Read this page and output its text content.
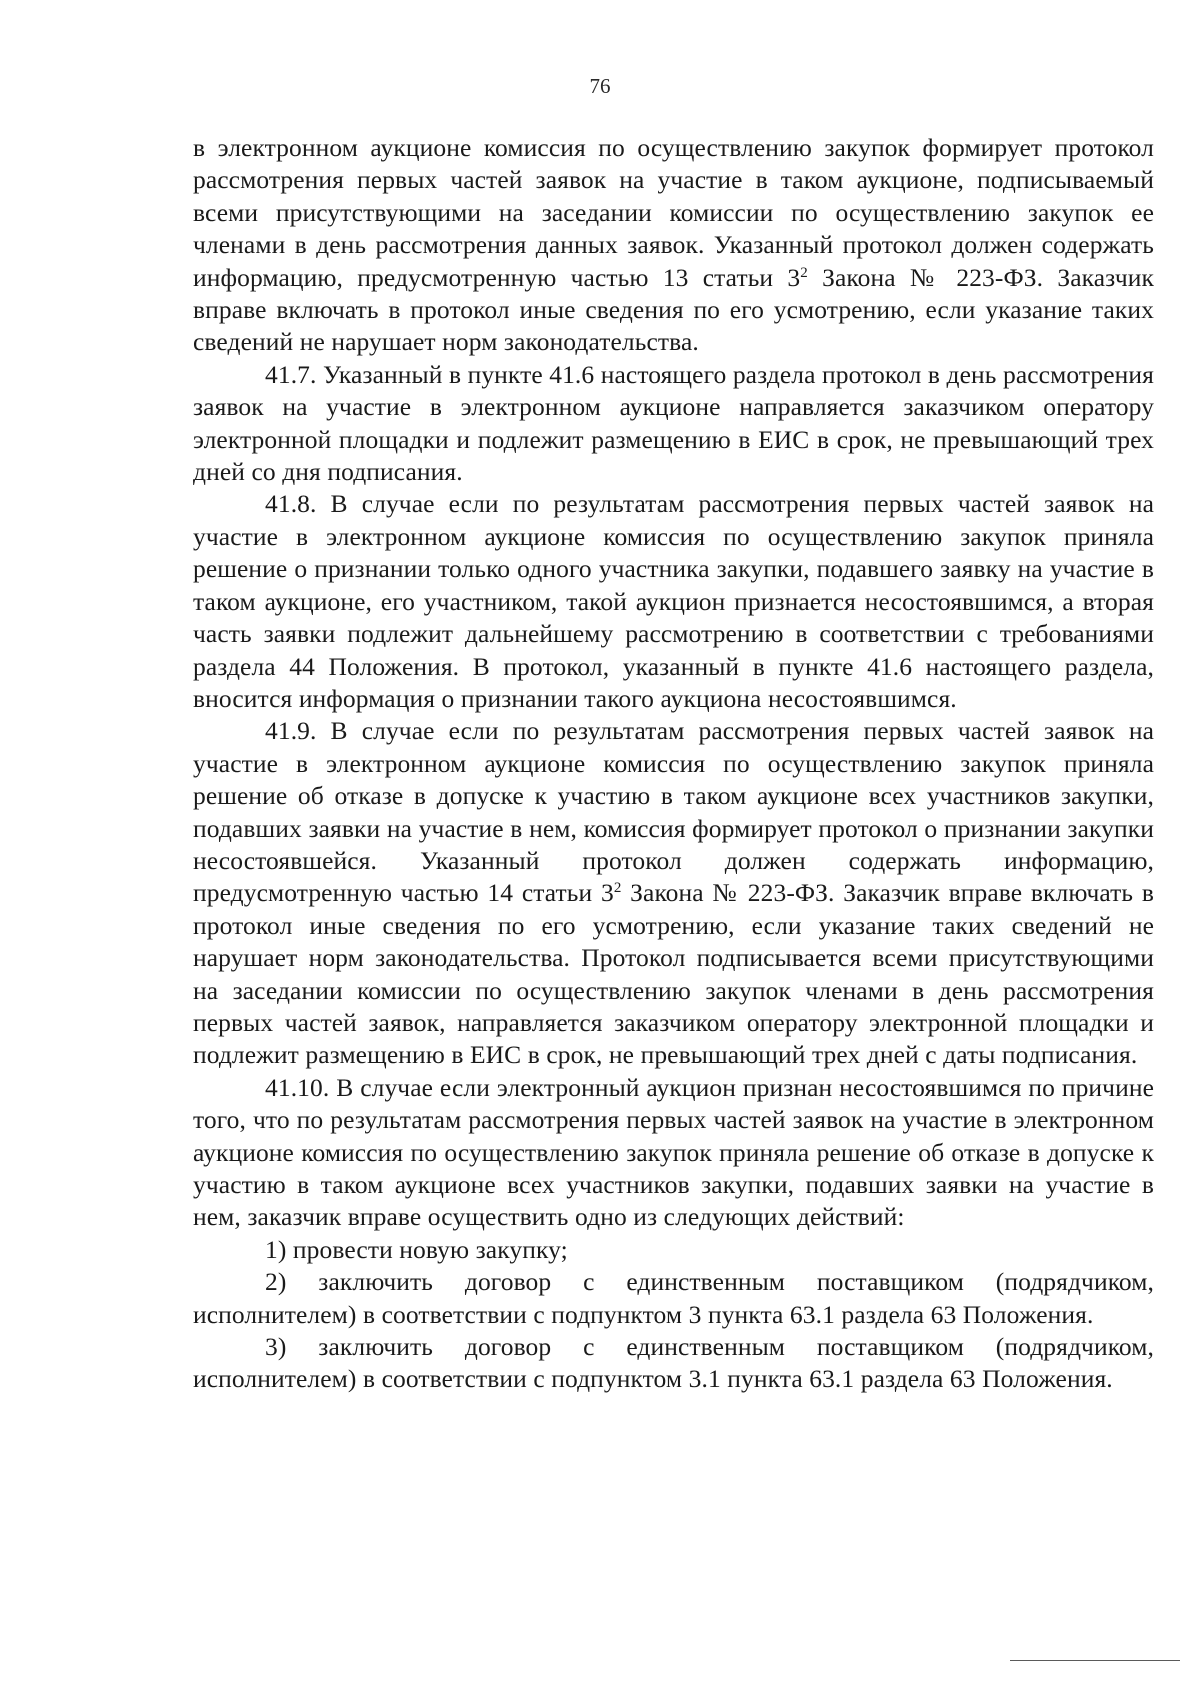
76

в электронном аукционе комиссия по осуществлению закупок формирует протокол рассмотрения первых частей заявок на участие в таком аукционе, подписываемый всеми присутствующими на заседании комиссии по осуществлению закупок ее членами в день рассмотрения данных заявок. Указанный протокол должен содержать информацию, предусмотренную частью 13 статьи $3^2$ Закона № 223-ФЗ. Заказчик вправе включать в протокол иные сведения по его усмотрению, если указание таких сведений не нарушает норм законодательства.

41.7. Указанный в пункте 41.6 настоящего раздела протокол в день рассмотрения заявок на участие в электронном аукционе направляется заказчиком оператору электронной площадки и подлежит размещению в ЕИС в срок, не превышающий трех дней со дня подписания.

41.8. В случае если по результатам рассмотрения первых частей заявок на участие в электронном аукционе комиссия по осуществлению закупок приняла решение о признании только одного участника закупки, подавшего заявку на участие в таком аукционе, его участником, такой аукцион признается несостоявшимся, а вторая часть заявки подлежит дальнейшему рассмотрению в соответствии с требованиями раздела 44 Положения. В протокол, указанный в пункте 41.6 настоящего раздела, вносится информация о признании такого аукциона несостоявшимся.

41.9. В случае если по результатам рассмотрения первых частей заявок на участие в электронном аукционе комиссия по осуществлению закупок приняла решение об отказе в допуске к участию в таком аукционе всех участников закупки, подавших заявки на участие в нем, комиссия формирует протокол о признании закупки несостоявшейся. Указанный протокол должен содержать информацию, предусмотренную частью 14 статьи $3^2$ Закона № 223-ФЗ. Заказчик вправе включать в протокол иные сведения по его усмотрению, если указание таких сведений не нарушает норм законодательства. Протокол подписывается всеми присутствующими на заседании комиссии по осуществлению закупок членами в день рассмотрения первых частей заявок, направляется заказчиком оператору электронной площадки и подлежит размещению в ЕИС в срок, не превышающий трех дней с даты подписания.

41.10. В случае если электронный аукцион признан несостоявшимся по причине того, что по результатам рассмотрения первых частей заявок на участие в электронном аукционе комиссия по осуществлению закупок приняла решение об отказе в допуске к участию в таком аукционе всех участников закупки, подавших заявки на участие в нем, заказчик вправе осуществить одно из следующих действий:

1) провести новую закупку;

2) заключить договор с единственным поставщиком (подрядчиком, исполнителем) в соответствии с подпунктом 3 пункта 63.1 раздела 63 Положения.

3) заключить договор с единственным поставщиком (подрядчиком, исполнителем) в соответствии с подпунктом 3.1 пункта 63.1 раздела 63 Положения.
